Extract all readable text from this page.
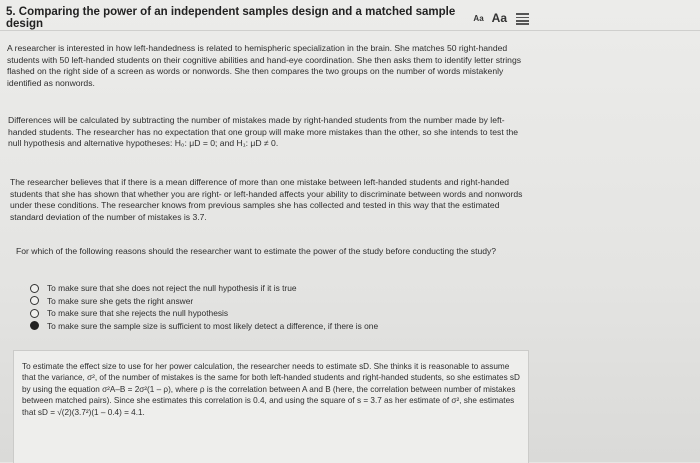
5. Comparing the power of an independent samples design and a matched sample design	Aa Aa

A researcher is interested in how left-handedness is related to hemispheric specialization in the brain. She matches 50 right-handed students with 50 left-handed students on their cognitive abilities and hand-eye coordination. She then asks them to identify letter strings flashed on the right side of a screen as words or nonwords. She then compares the two groups on the number of words mistakenly identified as nonwords.

Differences will be calculated by subtracting the number of mistakes made by right-handed students from the number made by left-handed students. The researcher has no expectation that one group will make more mistakes than the other, so she intends to test the null hypothesis and alternative hypotheses: H₀: μD = 0; and H₁: μD ≠ 0.

The researcher believes that if there is a mean difference of more than one mistake between left-handed students and right-handed students that she has shown that whether you are right- or left-handed affects your ability to discriminate between words and nonwords under these conditions. The researcher knows from previous samples she has collected and tested in this way that the estimated standard deviation of the number of mistakes is 3.7.

For which of the following reasons should the researcher want to estimate the power of the study before conducting the study?

To make sure that she does not reject the null hypothesis if it is true
To make sure she gets the right answer
To make sure that she rejects the null hypothesis
To make sure the sample size is sufficient to most likely detect a difference, if there is one

To estimate the effect size to use for her power calculation, the researcher needs to estimate sD. She thinks it is reasonable to assume that the variance, σ², of the number of mistakes is the same for both left-handed students and right-handed students, so she estimates sD by using the equation σ²A–B = 2σ²(1 – ρ), where ρ is the correlation between A and B (here, the correlation between number of mistakes between matched pairs). Since she estimates this correlation is 0.4, and using the square of s = 3.7 as her estimate of σ², she estimates that sD = √(2)(3.7²)(1 – 0.4) = 4.1.
